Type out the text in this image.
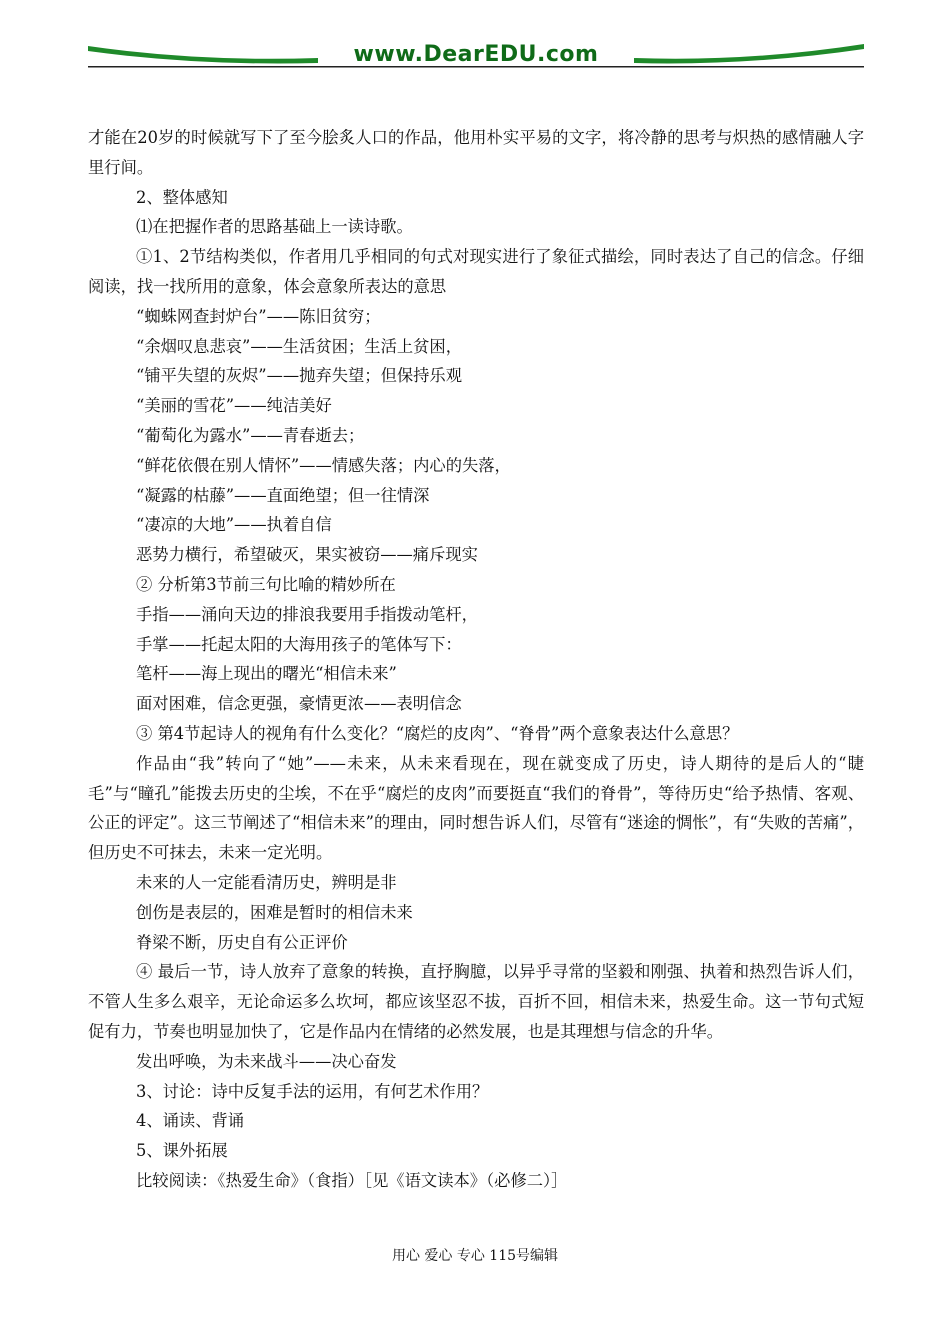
www.DearEDU.com

才能在20岁的时候就写下了至今脍炙人口的作品，他用朴实平易的文字，将冷静的思考与炽热的感情融人字里行间。

2、整体感知

⑴在把握作者的思路基础上一读诗歌。

①1、2节结构类似，作者用几乎相同的句式对现实进行了象征式描绘，同时表达了自己的信念。仔细阅读，找一找所用的意象，体会意象所表达的意思

“蜘蛛网查封炉台”——陈旧贫穷；

“余烟叹息悲哀”——生活贫困；生活上贫困，

“铺平失望的灰烬”——抛弃失望；但保持乐观

“美丽的雪花”——纯洁美好

“葡萄化为露水”——青春逝去；

“鲜花依偎在别人情怀”——情感失落；内心的失落，

“凝露的枯藤”——直面绝望；但一往情深

“凄凉的大地”——执着自信

恶势力横行，希望破灭，果实被窃——痛斥现实

② 分析第3节前三句比喻的精妙所在

手指——涌向天边的排浪我要用手指拨动笔杆，

手掌——托起太阳的大海用孩子的笔体写下：

笔杆——海上现出的曙光“相信未来”

面对困难，信念更强，豪情更浓——表明信念

③ 第4节起诗人的视角有什么变化？“腐烂的皮肉”、“脊骨”两个意象表达什么意思？

作品由“我”转向了“她”——未来，从未来看现在，现在就变成了历史，诗人期待的是后人的“睫毛”与“瞳孔”能拨去历史的尘埃，不在乎“腐烂的皮肉”而要挺直“我们的脊骨”，等待历史“给予热情、客观、公正的评定”。这三节阐述了“相信未来”的理由，同时想告诉人们，尽管有“迷途的惆怅”，有“失败的苦痛”，但历史不可抹去，未来一定光明。

未来的人一定能看清历史，辨明是非

创伤是表层的，困难是暂时的相信未来

脊梁不断，历史自有公正评价

④ 最后一节，诗人放弃了意象的转换，直抒胸臆，以异乎寻常的坚毅和刚强、执着和热烈告诉人们，不管人生多么艰辛，无论命运多么坎坷，都应该坚忍不拔，百折不回，相信未来，热爱生命。这一节句式短促有力，节奏也明显加快了，它是作品内在情绪的必然发展，也是其理想与信念的升华。

发出呼唤，为未来战斗——决心奋发

3、讨论：诗中反复手法的运用，有何艺术作用？

4、诵读、背诵

5、课外拓展

比较阅读：《热爱生命》（食指）［见《语文读本》（必修二）］

用心 爱心 专心 115号编辑
